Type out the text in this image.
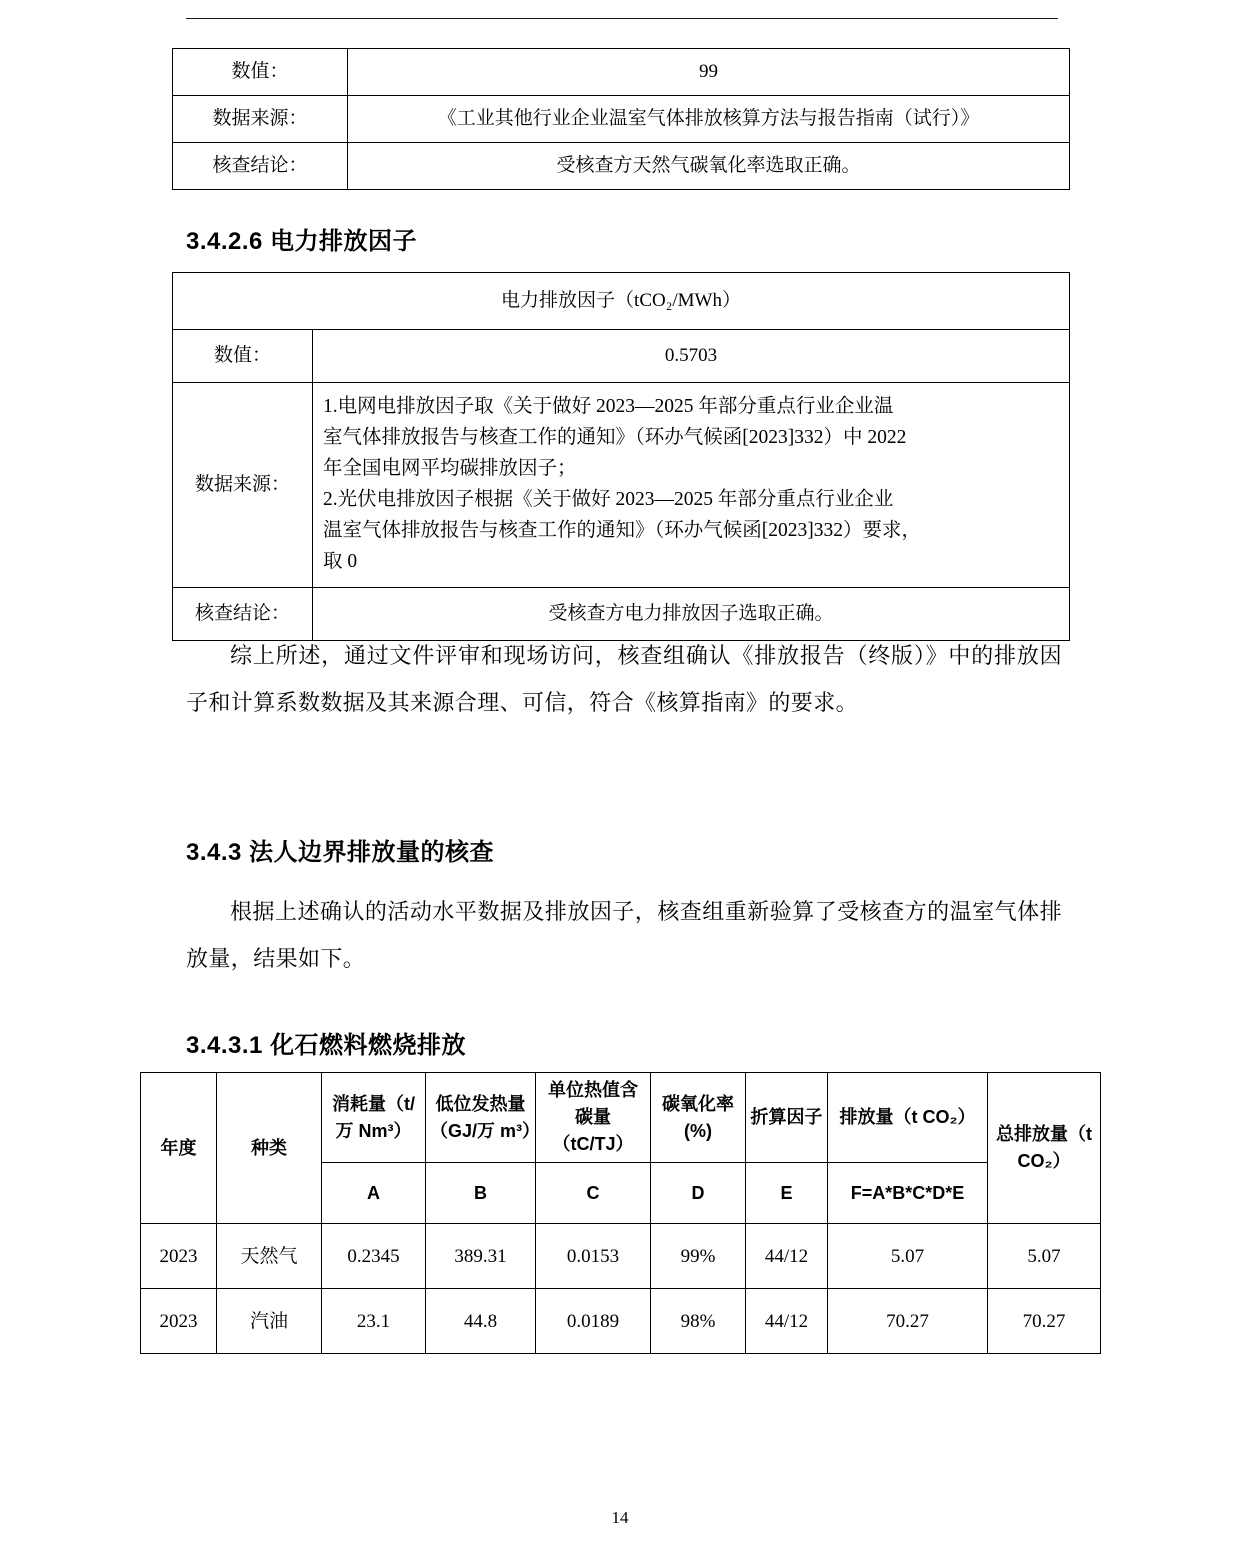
数值：	99
数据来源：	《工业其他行业企业温室气体排放核算方法与报告指南（试行）》
核查结论：	受核查方天然气碳氧化率选取正确。
3.4.2.6 电力排放因子
电力排放因子（tCO₂/MWh）	
数值：	0.5703
数据来源：	
1.电网电排放因子取《关于做好 2023—2025 年部分重点行业企业温
室气体排放报告与核查工作的通知》（环办气候函[2023]332）中 2022
年全国电网平均碳排放因子；
2.光伏电排放因子根据《关于做好 2023—2025 年部分重点行业企业
温室气体排放报告与核查工作的通知》（环办气候函[2023]332）要求，
取 0

核查结论：	受核查方电力排放因子选取正确。
综上所述，通过文件评审和现场访问，核查组确认《排放报告（终版）》中的排放因子和计算系数数据及其来源合理、可信，符合《核算指南》的要求。
3.4.3 法人边界排放量的核查
根据上述确认的活动水平数据及排放因子，核查组重新验算了受核查方的温室气体排放量，结果如下。
3.4.3.1 化石燃料燃烧排放
年度	种类	消耗量（t/万 Nm³）	低位发热量（GJ/万 m³）	单位热值含碳量（tC/TJ）	碳氧化率(%)	折算因子	排放量（t CO₂）	总排放量（t CO₂）
		A	B	C	D	E	F=A*B*C*D*E	
2023	天然气	0.2345	389.31	0.0153	99%	44/12	5.07	5.07
2023	汽油	23.1	44.8	0.0189	98%	44/12	70.27	70.27
14
